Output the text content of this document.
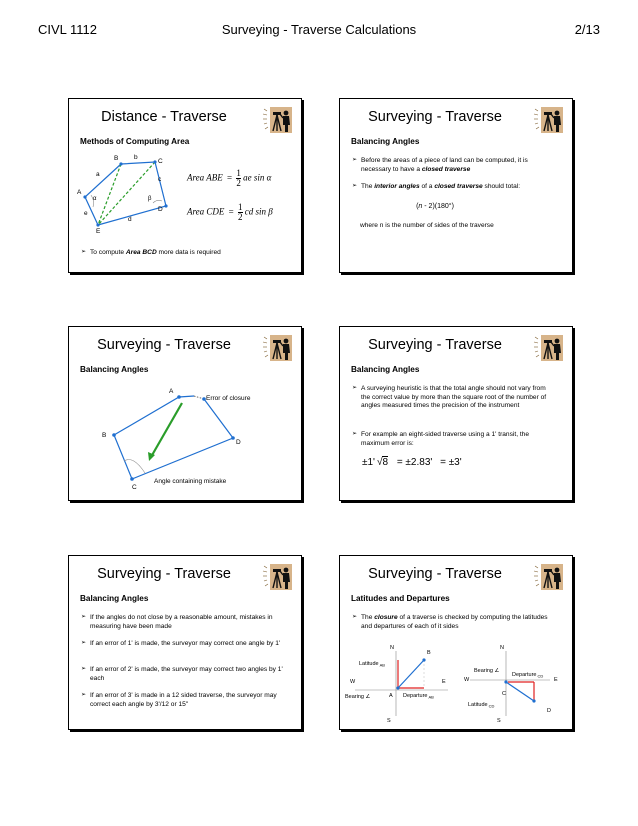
CIVL 1112	Surveying - Traverse Calculations	2/13
Distance - Traverse
Methods of Computing Area
B b
C
a
c
A
α	β
D
e
d
E
Area ABE = $\frac{1}{2}$ ae sin α
Area CDE = $\frac{1}{2}$ cd sin β
➢ To compute Area BCD more data is required
Surveying - Traverse
Balancing Angles
➢ Before the areas of a piece of land can be computed, it is necessary to have a closed traverse
➢ The interior angles of a closed traverse should total:
(n - 2)(180°)
where n is the number of sides of the traverse
Surveying - Traverse
Balancing Angles
A
Error of closure
B
D
Angle containing mistake
C
Surveying - Traverse
Balancing Angles
➢ A surveying heuristic is that the total angle should not vary from the correct value by more than the square root of the number of angles measured times the precision of the instrument
➢ For example an eight-sided traverse using a 1' transit, the maximum error is:
±1' √8 = ±2.83' = ±3'
Surveying - Traverse
Balancing Angles
➢ If the angles do not close by a reasonable amount, mistakes in measuring have been made
➢ If an error of 1' is made, the surveyor may correct one angle by 1'
➢ If an error of 2' is made, the surveyor may correct two angles by 1' each
➢ If an error of 3' is made in a 12 sided traverse, the surveyor may correct each angle by 3'/12 or 15"
Surveying - Traverse
Latitudes and Departures
➢ The closure of a traverse is checked by computing the latitudes and departures of each of it sides
N
B
Latitude$_{AB}$
W	E
Bearing ∠	A Departure$_{AB}$
S
N
Bearing ∠
Departure$_{CD}$
W	E
C
Latitude$_{CD}$
D
S
